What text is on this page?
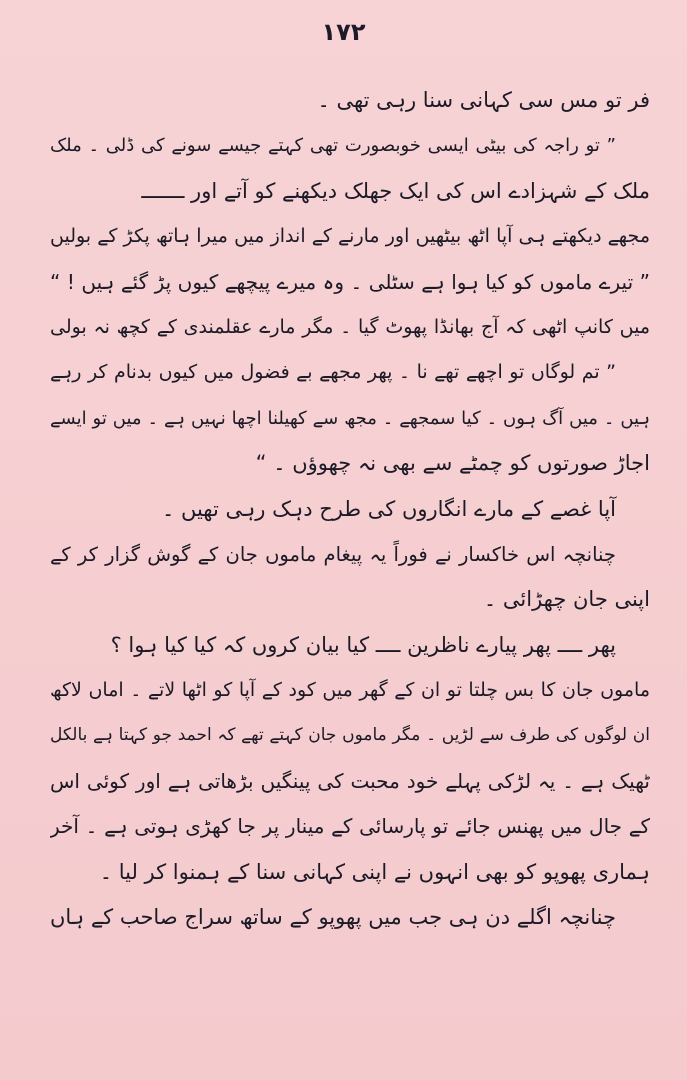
۱۷۲
فر تو مس سی کہانی سنا رہی تھی ۔
” تو راجہ کی بیٹی ایسی خوبصورت تھی کہتے جیسے سونے کی ڈلی ۔ ملک
ملک کے شہزادے اس کی ایک جھلک دیکھنے کو آتے اور ـــــــ
مجھے دیکھتے ہی آپا اٹھ بیٹھیں اور مارنے کے انداز میں میرا ہاتھ پکڑ کے بولیں
” تیرے ماموں کو کیا ہوا ہے سٹلی ۔ وہ میرے پیچھے کیوں پڑ گئے ہیں ! “
میں کانپ اٹھی کہ آج بھانڈا پھوٹ گیا ۔ مگر مارے عقلمندی کے کچھ نہ بولی
” تم لوگاں تو اچھے تھے نا ۔ پھر مجھے بے فضول میں کیوں بدنام کر رہے
ہیں ۔ میں آگ ہوں ۔ کیا سمجھے ۔ مجھ سے کھیلنا اچھا نہیں ہے ۔ میں تو ایسے
اجاڑ صورتوں کو چمٹے سے بھی نہ چھوؤں ۔ “
آپا غصے کے مارے انگاروں کی طرح دہک رہی تھیں ۔
چنانچہ اس خاکسار نے فوراً یہ پیغام ماموں جان کے گوش گزار کر کے
اپنی جان چھڑائی ۔
پھر ــــ پھر پیارے ناظرین ــــ کیا بیان کروں کہ کیا کیا ہوا ؟
ماموں جان کا بس چلتا تو ان کے گھر میں کود کے آپا کو اٹھا لاتے ۔ اماں لاکھ
ان لوگوں کی طرف سے لڑیں ۔ مگر ماموں جان کہتے تھے کہ احمد جو کہتا ہے بالکل
ٹھیک ہے ۔ یہ لڑکی پہلے خود محبت کی پینگیں بڑھاتی ہے اور کوئی اس
کے جال میں پھنس جائے تو پارسائی کے مینار پر جا کھڑی ہوتی ہے ۔ آخر
ہماری پھوپو کو بھی انہوں نے اپنی کہانی سنا کے ہمنوا کر لیا ۔
چنانچہ اگلے دن ہی جب میں پھوپو کے ساتھ سراج صاحب کے ہاں
